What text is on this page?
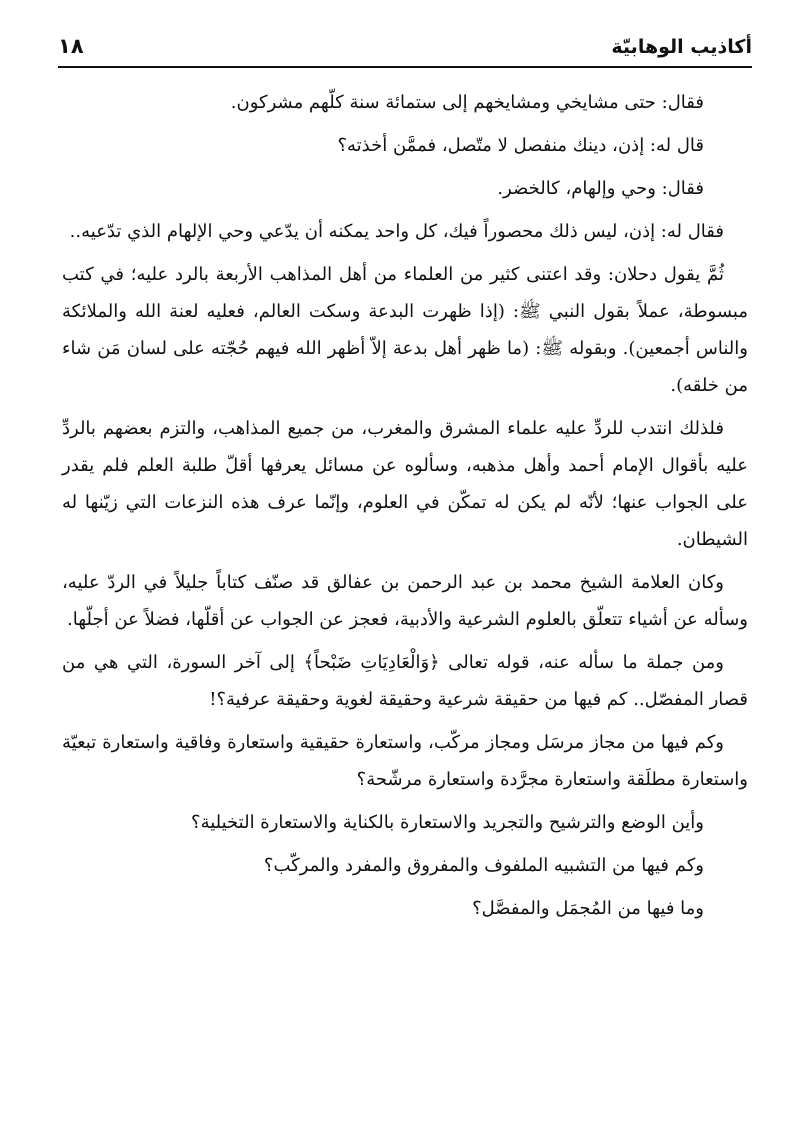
أكاذيب الوهابيّة
١٨

فقال: حتى مشايخي ومشايخهم إلى ستمائة سنة كلّهم مشركون.

قال له: إذن، دينك منفصل لا متّصل، فممَّن أخذته؟

فقال: وحي وإلهام، كالخضر.

فقال له: إذن، ليس ذلك محصوراً فيك، كل واحد يمكنه أن يدّعي وحي الإلهام الذي تدّعيه..

ثُمَّ يقول دحلان: وقد اعتنى كثير من العلماء من أهل المذاهب الأربعة بالرد عليه؛ في كتب مبسوطة، عملاً بقول النبي ﷺ: (إذا ظهرت البدعة وسكت العالم، فعليه لعنة الله والملائكة والناس أجمعين). وبقوله ﷺ: (ما ظهر أهل بدعة إلاّ أظهر الله فيهم حُجّته على لسان مَن شاء من خلقه).

فلذلك انتدب للردِّ عليه علماء المشرق والمغرب، من جميع المذاهب، والتزم بعضهم بالردِّ عليه بأقوال الإمام أحمد وأهل مذهبه، وسألوه عن مسائل يعرفها أقلّ طلبة العلم فلم يقدر على الجواب عنها؛ لأنّه لم يكن له تمكّن في العلوم، وإنّما عرف هذه النزعات التي زيّنها له الشيطان.

وكان العلامة الشيخ محمد بن عبد الرحمن بن عفالق قد صنّف كتاباً جليلاً في الردّ عليه، وسأله عن أشياء تتعلّق بالعلوم الشرعية والأدبية، فعجز عن الجواب عن أقلّها، فضلاً عن أجلّها.

ومن جملة ما سأله عنه، قوله تعالى ﴿وَالْعَادِيَاتِ ضَبْحاً﴾ إلى آخر السورة، التي هي من قصار المفصّل.. كم فيها من حقيقة شرعية وحقيقة لغوية وحقيقة عرفية؟!

وكم فيها من مجاز مرسَل ومجاز مركّب، واستعارة حقيقية واستعارة وفاقية واستعارة تبعيّة واستعارة مطلَقة واستعارة مجرَّدة واستعارة مرشّحة؟

وأين الوضع والترشيح والتجريد والاستعارة بالكناية والاستعارة التخيلية؟

وكم فيها من التشبيه الملفوف والمفروق والمفرد والمركّب؟

وما فيها من المُجمَل والمفصَّل؟
